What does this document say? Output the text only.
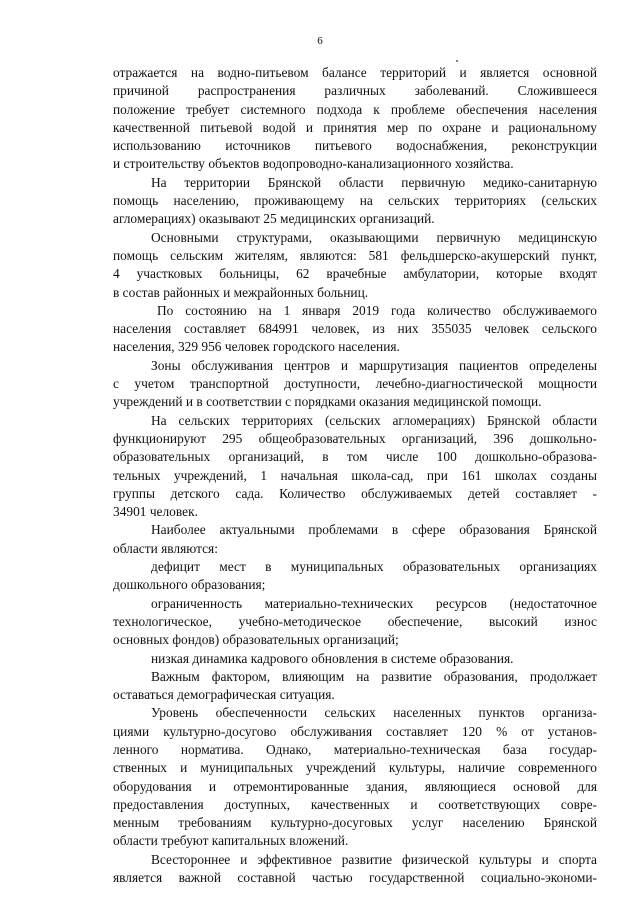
6
отражается на водно-питьевом балансе территорий и является основной
причиной распространения различных заболеваний. Сложившееся
положение требует системного подхода к проблеме обеспечения населения
качественной питьевой водой и принятия мер по охране и рациональному
использованию источников питьевого водоснабжения, реконструкции
и строительству объектов водопроводно-канализационного хозяйства.
На территории Брянской области первичную медико-санитарную
помощь населению, проживающему на сельских территориях (сельских
агломерациях) оказывают 25 медицинских организаций.
Основными структурами, оказывающими первичную медицинскую
помощь сельским жителям, являются: 581 фельдшерско-акушерский пункт,
4 участковых больницы, 62 врачебные амбулатории, которые входят
в состав районных и межрайонных больниц.
По состоянию на 1 января 2019 года количество обслуживаемого
населения составляет 684991 человек, из них 355035 человек сельского
населения, 329 956 человек городского населения.
Зоны обслуживания центров и маршрутизация пациентов определены
с учетом транспортной доступности, лечебно-диагностической мощности
учреждений и в соответствии с порядками оказания медицинской помощи.
На сельских территориях (сельских агломерациях) Брянской области
функционируют 295 общеобразовательных организаций, 396 дошкольно-
образовательных организаций, в том числе 100 дошкольно-образова-
тельных учреждений, 1 начальная школа-сад, при 161 школах созданы
группы детского сада. Количество обслуживаемых детей составляет -
34901 человек.
Наиболее актуальными проблемами в сфере образования Брянской
области являются:
дефицит мест в муниципальных образовательных организациях
дошкольного образования;
ограниченность материально-технических ресурсов (недостаточное
технологическое, учебно-методическое обеспечение, высокий износ
основных фондов) образовательных организаций;
низкая динамика кадрового обновления в системе образования.
Важным фактором, влияющим на развитие образования, продолжает
оставаться демографическая ситуация.
Уровень обеспеченности сельских населенных пунктов организа-
циями культурно-досугово обслуживания составляет 120 % от установ-
ленного норматива. Однако, материально-техническая база государ-
ственных и муниципальных учреждений культуры, наличие современного
оборудования и отремонтированные здания, являющиеся основой для
предоставления доступных, качественных и соответствующих совре-
менным требованиям культурно-досуговых услуг населению Брянской
области требуют капитальных вложений.
Всестороннее и эффективное развитие физической культуры и спорта
является важной составной частью государственной социально-экономи-
